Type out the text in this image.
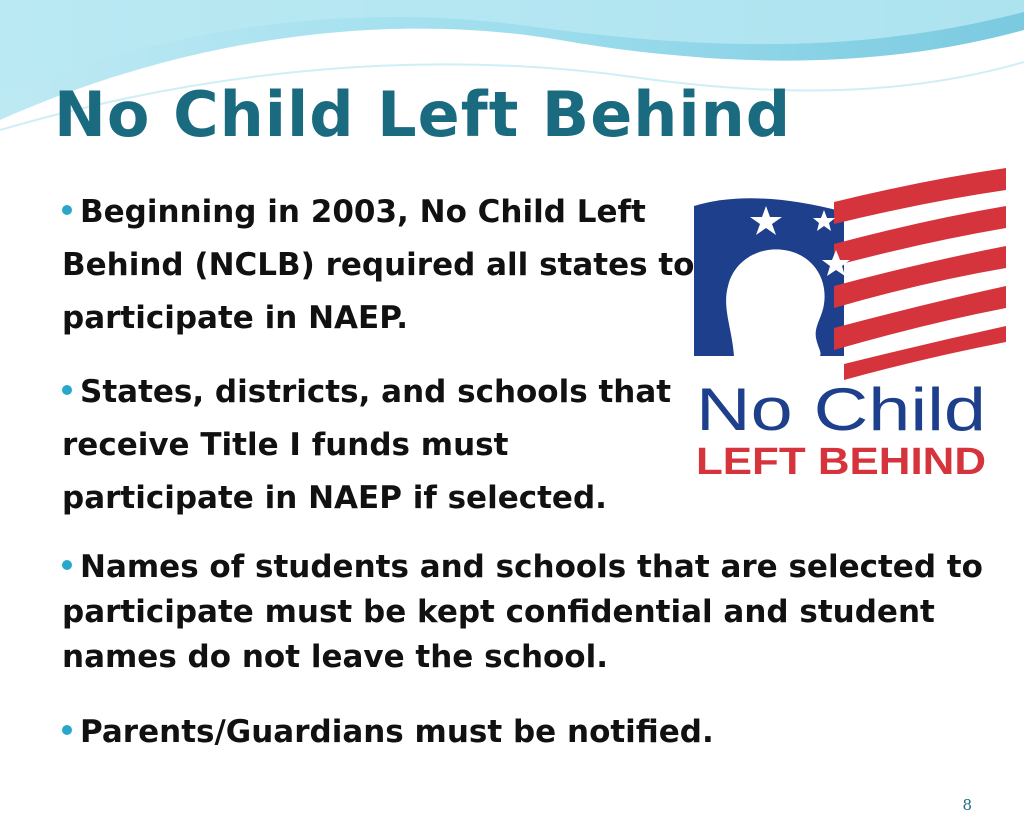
No Child Left Behind

Beginning in 2003, No Child Left Behind (NCLB) required all states to participate in NAEP.

States, districts, and schools that receive Title I funds must participate in NAEP if selected.

Names of students and schools that are selected to participate must be kept confidential and student names do not leave the school.

Parents/Guardians must be notified.

No Child
LEFT BEHIND
8
